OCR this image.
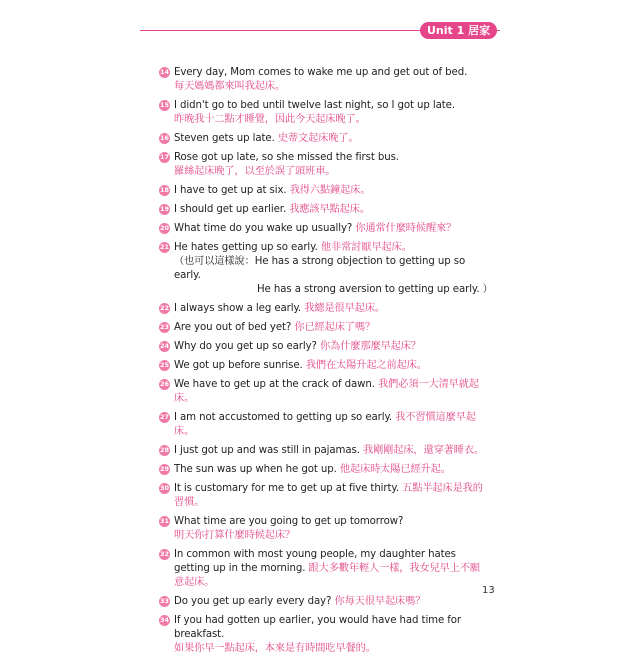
Unit 1 居家
14 Every day, Mom comes to wake me up and get out of bed.
每天媽媽都來叫我起床。
15 I didn't go to bed until twelve last night, so I got up late.
昨晚我十二點才睡覺，因此今天起床晚了。
16 Steven gets up late. 史蒂文起床晚了。
17 Rose got up late, so she missed the first bus.
羅絲起床晚了，以至於誤了頭班車。
18 I have to get up at six. 我得六點鐘起床。
19 I should get up earlier. 我應該早點起床。
20 What time do you wake up usually? 你通常什麼時候醒來？
21 He hates getting up so early. 他非常討厭早起床。
（也可以這樣說：He has a strong objection to getting up so early.
He has a strong aversion to getting up early. ）
22 I always show a leg early. 我總是很早起床。
23 Are you out of bed yet? 你已經起床了嗎？
24 Why do you get up so early? 你為什麼那麼早起床？
25 We got up before sunrise. 我們在太陽升起之前起床。
26 We have to get up at the crack of dawn. 我們必須一大清早就起床。
27 I am not accustomed to getting up so early. 我不習慣這麼早起床。
28 I just got up and was still in pajamas. 我剛剛起床，還穿著睡衣。
29 The sun was up when he got up. 他起床時太陽已經升起。
30 It is customary for me to get up at five thirty. 五點半起床是我的習慣。
31 What time are you going to get up tomorrow?
明天你打算什麼時候起床？
32 In common with most young people, my daughter hates getting up in the morning. 跟大多數年輕人一樣，我女兒早上不願意起床。
33 Do you get up early every day? 你每天很早起床嗎？
34 If you had gotten up earlier, you would have had time for breakfast.
如果你早一點起床，本來是有時間吃早餐的。
13
